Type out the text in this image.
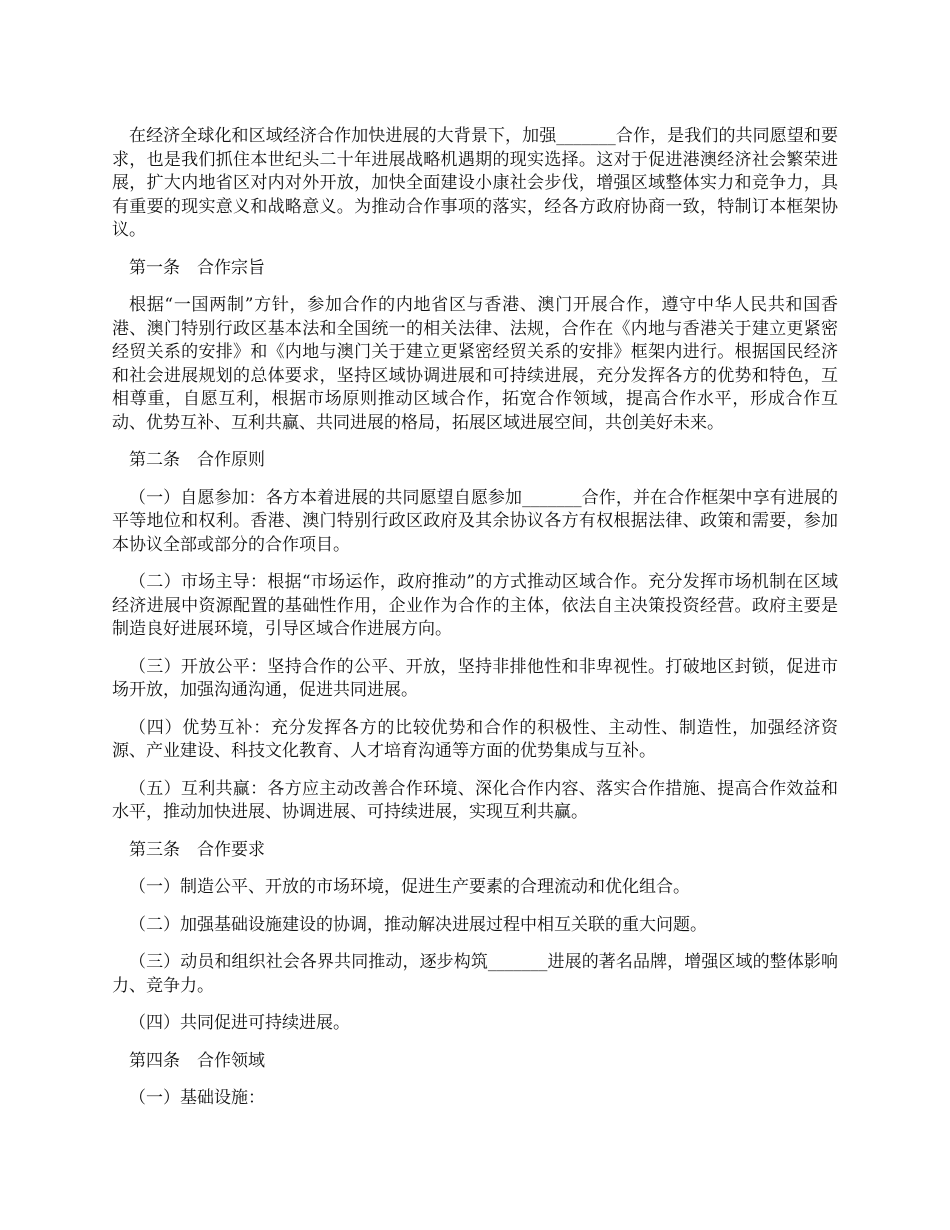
在经济全球化和区域经济合作加快进展的大背景下，加强_______合作，是我们的共同愿望和要求，也是我们抓住本世纪头二十年进展战略机遇期的现实选择。这对于促进港澳经济社会繁荣进展，扩大内地省区对内对外开放，加快全面建设小康社会步伐，增强区域整体实力和竞争力，具有重要的现实意义和战略意义。为推动合作事项的落实，经各方政府协商一致，特制订本框架协议。

第一条　合作宗旨

根据“一国两制”方针，参加合作的内地省区与香港、澳门开展合作，遵守中华人民共和国香港、澳门特别行政区基本法和全国统一的相关法律、法规，合作在《内地与香港关于建立更紧密经贸关系的安排》和《内地与澳门关于建立更紧密经贸关系的安排》框架内进行。根据国民经济和社会进展规划的总体要求，坚持区域协调进展和可持续进展，充分发挥各方的优势和特色，互相尊重，自愿互利，根据市场原则推动区域合作，拓宽合作领域，提高合作水平，形成合作互动、优势互补、互利共赢、共同进展的格局，拓展区域进展空间，共创美好未来。

第二条　合作原则

（一）自愿参加：各方本着进展的共同愿望自愿参加_______合作，并在合作框架中享有进展的平等地位和权利。香港、澳门特别行政区政府及其余协议各方有权根据法律、政策和需要，参加本协议全部或部分的合作项目。

（二）市场主导：根据“市场运作，政府推动”的方式推动区域合作。充分发挥市场机制在区域经济进展中资源配置的基础性作用，企业作为合作的主体，依法自主决策投资经营。政府主要是制造良好进展环境，引导区域合作进展方向。

（三）开放公平：坚持合作的公平、开放，坚持非排他性和非卑视性。打破地区封锁，促进市场开放，加强沟通沟通，促进共同进展。

（四）优势互补：充分发挥各方的比较优势和合作的积极性、主动性、制造性，加强经济资源、产业建设、科技文化教育、人才培育沟通等方面的优势集成与互补。

（五）互利共赢：各方应主动改善合作环境、深化合作内容、落实合作措施、提高合作效益和水平，推动加快进展、协调进展、可持续进展，实现互利共赢。

第三条　合作要求

（一）制造公平、开放的市场环境，促进生产要素的合理流动和优化组合。

（二）加强基础设施建设的协调，推动解决进展过程中相互关联的重大问题。

（三）动员和组织社会各界共同推动，逐步构筑_______进展的著名品牌，增强区域的整体影响力、竞争力。

（四）共同促进可持续进展。

第四条　合作领域

（一）基础设施：
